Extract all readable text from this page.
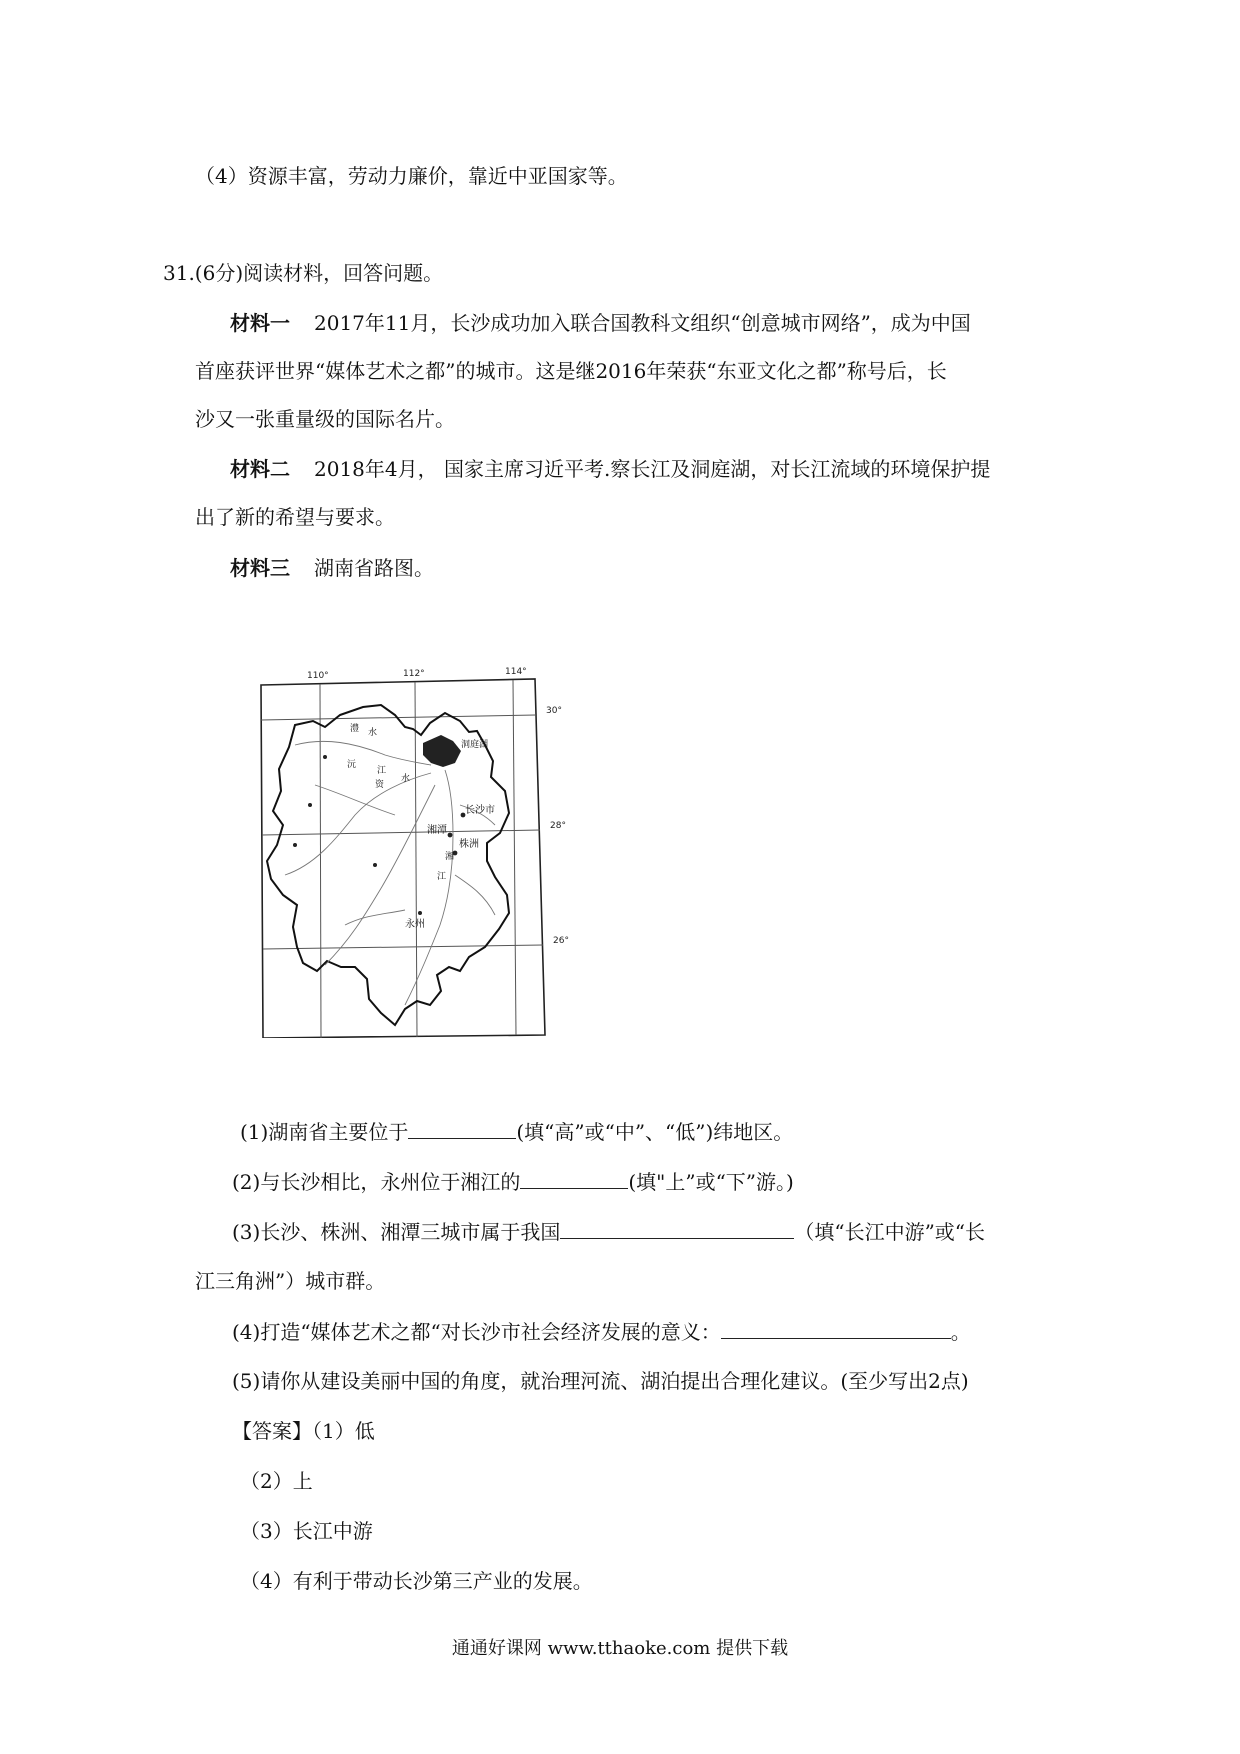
（4）资源丰富，劳动力廉价，靠近中亚国家等。
31.(6分)阅读材料，回答问题。
材料一 2017年11月，长沙成功加入联合国教科文组织“创意城市网络”，成为中国
首座获评世界“媒体艺术之都”的城市。这是继2016年荣获“东亚文化之都”称号后，长
沙又一张重量级的国际名片。
材料二 2018年4月， 国家主席习近平考.察长江及洞庭湖，对长江流域的环境保护提
出了新的希望与要求。
材料三 湖南省路图。
110°	112°	114°
30°
28°
26°
洞庭湖
长沙市
湘潭
株洲
永州
澧 水
沅
江
资
水
湘
江
(1)湖南省主要位于	(填“高”或“中”、“低”)纬地区。
(2)与长沙相比，永州位于湘江的	(填"上”或“下”游。)
(3)长沙、株洲、湘潭三城市属于我国	（填“长江中游”或“长
江三角洲”）城市群。
(4)打造“媒体艺术之都“对长沙市社会经济发展的意义：	。
(5)请你从建设美丽中国的角度，就治理河流、湖泊提出合理化建议。(至少写出2点)
【答案】（1）低
（2）上
（3）长江中游
（4）有利于带动长沙第三产业的发展。
通通好课网 www.tthaoke.com 提供下载
